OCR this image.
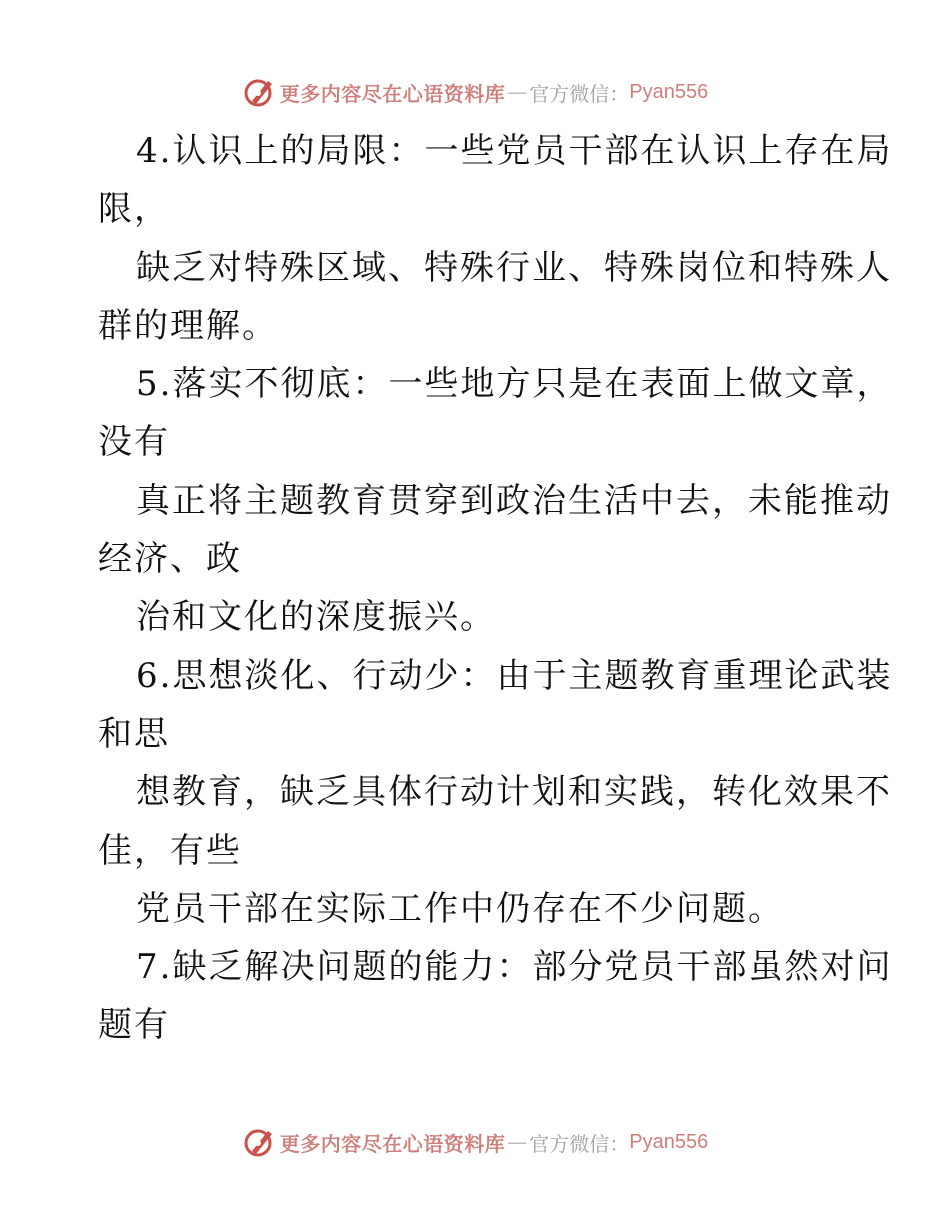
更多内容尽在心语资料库 — 官方微信： Pyan556
4.认识上的局限：一些党员干部在认识上存在局
限，
缺乏对特殊区域、特殊行业、特殊岗位和特殊人
群的理解。
5.落实不彻底：一些地方只是在表面上做文章，
没有
真正将主题教育贯穿到政治生活中去，未能推动
经济、政
治和文化的深度振兴。
6.思想淡化、行动少：由于主题教育重理论武装
和思
想教育，缺乏具体行动计划和实践，转化效果不
佳，有些
党员干部在实际工作中仍存在不少问题。
7.缺乏解决问题的能力：部分党员干部虽然对问
题有
更多内容尽在心语资料库 — 官方微信： Pyan556
